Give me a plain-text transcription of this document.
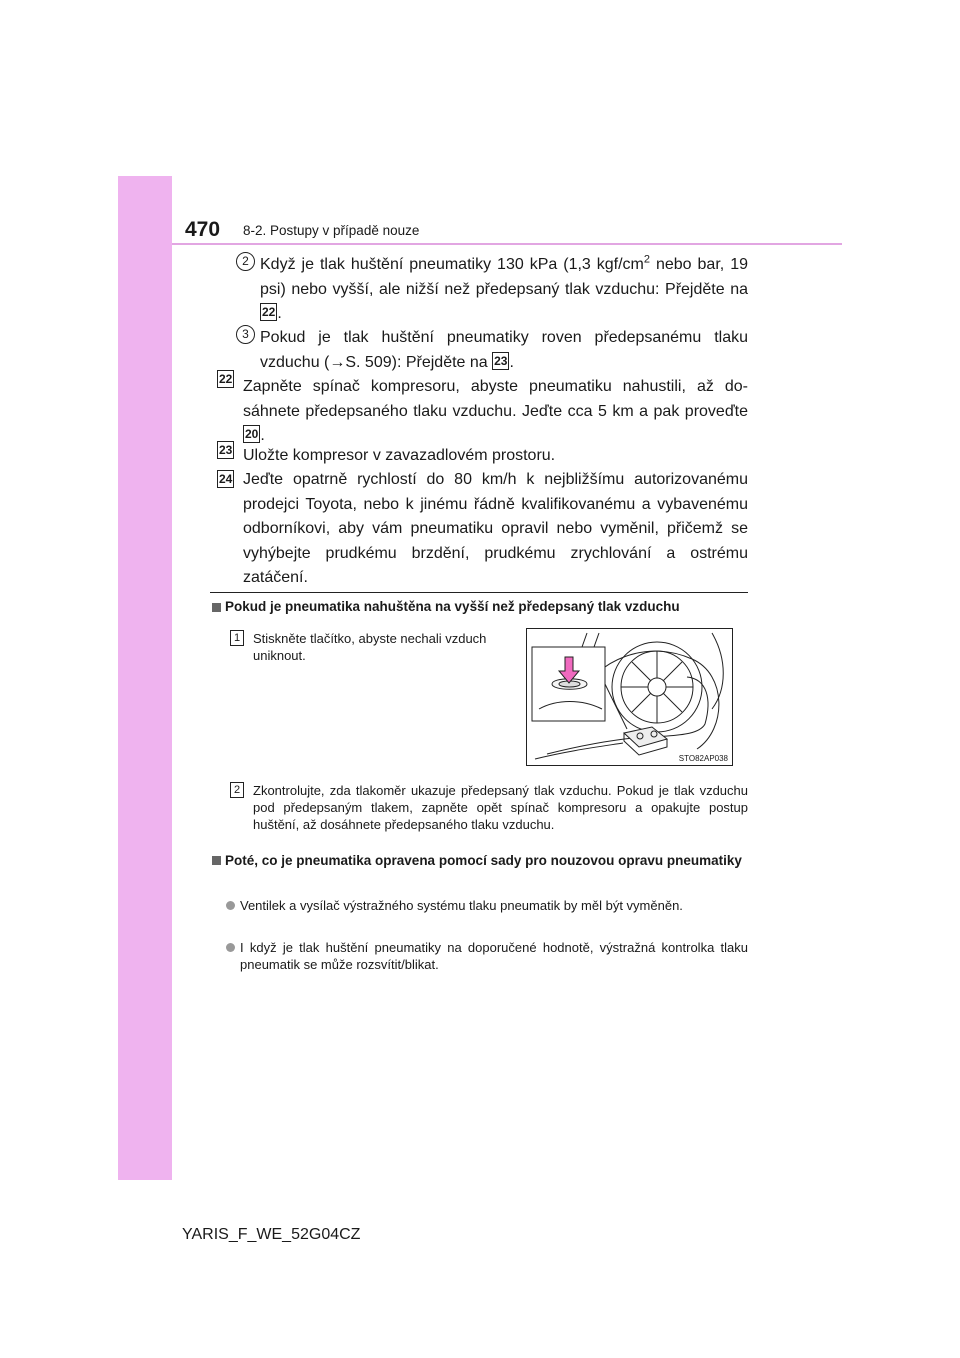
470 8-2. Postupy v případě nouze
2 Když je tlak huštění pneumatiky 130 kPa (1,3 kgf/$cm^2$ nebo bar, 19 psi) nebo vyšší, ale nižší než předepsaný tlak vzduchu: Přejděte na 22 .
3 Pokud je tlak huštění pneumatiky roven předepsanému tlaku vzduchu (→S. 509): Přejděte na 23 .
22 Zapněte spínač kompresoru, abyste pneumatiku nahustili, až dosáhnete předepsaného tlaku vzduchu. Jeďte cca 5 km a pak proveďte 20 .
23 Uložte kompresor v zavazadlovém prostoru.
24 Jeďte opatrně rychlostí do 80 km/h k nejbližšímu autorizovanému prodejci Toyota, nebo k jinému řádně kvalifikovanému a vybavenému odborníkovi, aby vám pneumatiku opravil nebo vyměnil, přičemž se vyhýbejte prudkému brzdění, prudkému zrychlování a ostrému zatáčení.
Pokud je pneumatika nahuštěna na vyšší než předepsaný tlak vzduchu
1 Stiskněte tlačítko, abyste nechali vzduch uniknout.
STO82AP038
2 Zkontrolujte, zda tlakoměr ukazuje předepsaný tlak vzduchu. Pokud je tlak vzduchu pod předepsaným tlakem, zapněte opět spínač kompresoru a opakujte postup huštění, až dosáhnete předepsaného tlaku vzduchu.
Poté, co je pneumatika opravena pomocí sady pro nouzovou opravu pneumatiky
Ventilek a vysílač výstražného systému tlaku pneumatik by měl být vyměněn.
I když je tlak huštění pneumatiky na doporučené hodnotě, výstražná kontrolka tlaku pneumatik se může rozsvítit/blikat.
YARIS_F_WE_52G04CZ
